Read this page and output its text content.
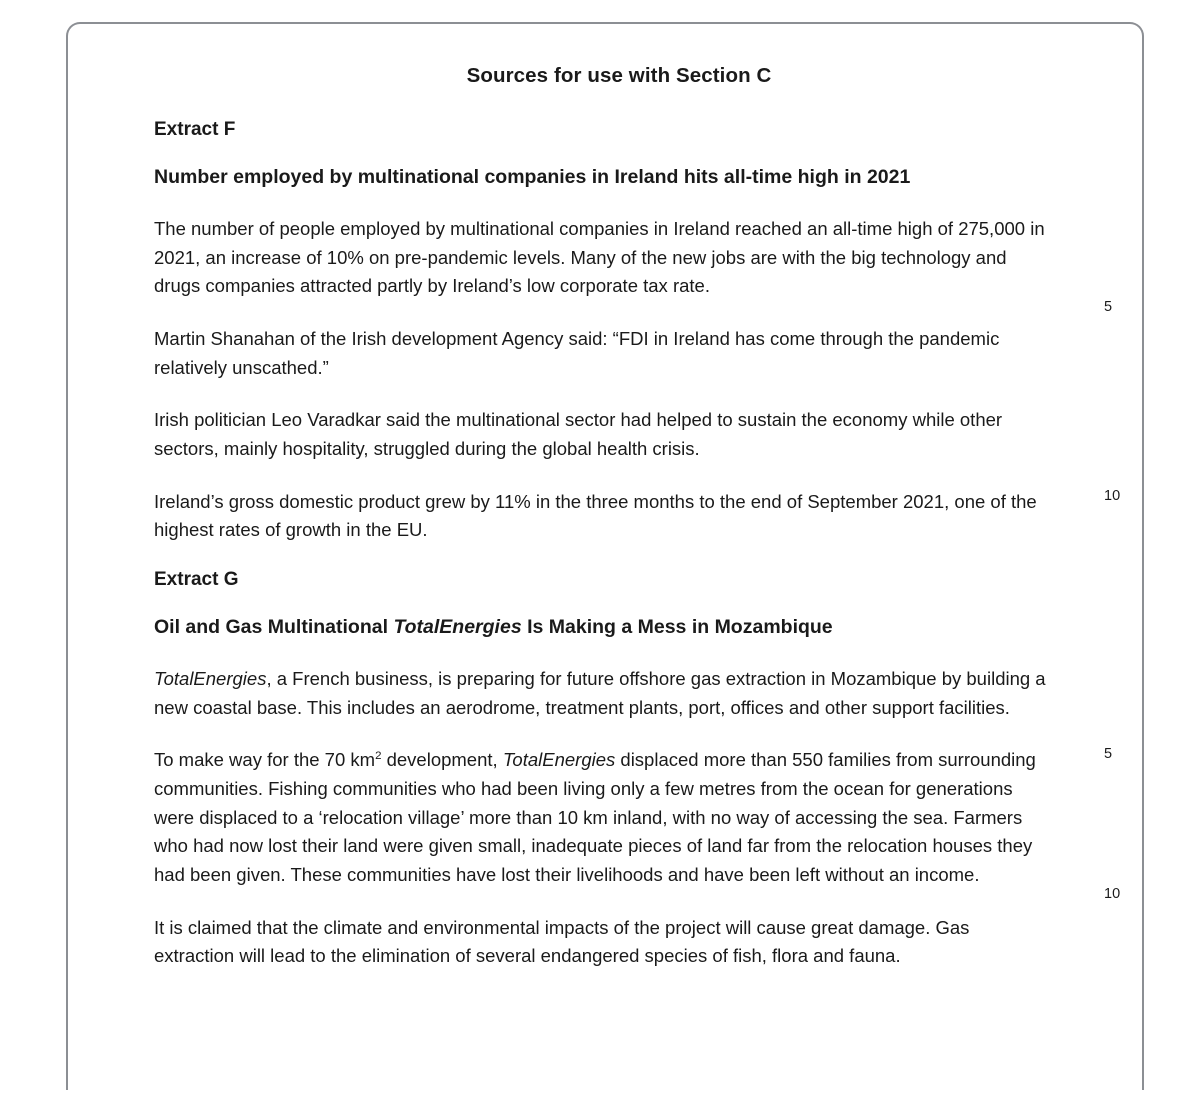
Sources for use with Section C
Extract F
Number employed by multinational companies in Ireland hits all-time high in 2021

The number of people employed by multinational companies in Ireland reached an all-time high of 275,000 in 2021, an increase of 10% on pre-pandemic levels. Many of the new jobs are with the big technology and drugs companies attracted partly by Ireland’s low corporate tax rate.

5

Martin Shanahan of the Irish development Agency said: “FDI in Ireland has come through the pandemic relatively unscathed.”

Irish politician Leo Varadkar said the multinational sector had helped to sustain the economy while other sectors, mainly hospitality, struggled during the global health crisis.

Ireland’s gross domestic product grew by 11% in the three months to the end of September 2021, one of the highest rates of growth in the EU.

10
Extract G
Oil and Gas Multinational TotalEnergies Is Making a Mess in Mozambique

TotalEnergies, a French business, is preparing for future offshore gas extraction in Mozambique by building a new coastal base. This includes an aerodrome, treatment plants, port, offices and other support facilities.

To make way for the 70 $km^2$ development, TotalEnergies displaced more than 550 families from surrounding communities. Fishing communities who had been living only a few metres from the ocean for generations were displaced to a ‘relocation village’ more than 10 km inland, with no way of accessing the sea. Farmers who had now lost their land were given small, inadequate pieces of land far from the relocation houses they had been given. These communities have lost their livelihoods and have been left without an income.

5
10

It is claimed that the climate and environmental impacts of the project will cause great damage. Gas extraction will lead to the elimination of several endangered species of fish, flora and fauna.
